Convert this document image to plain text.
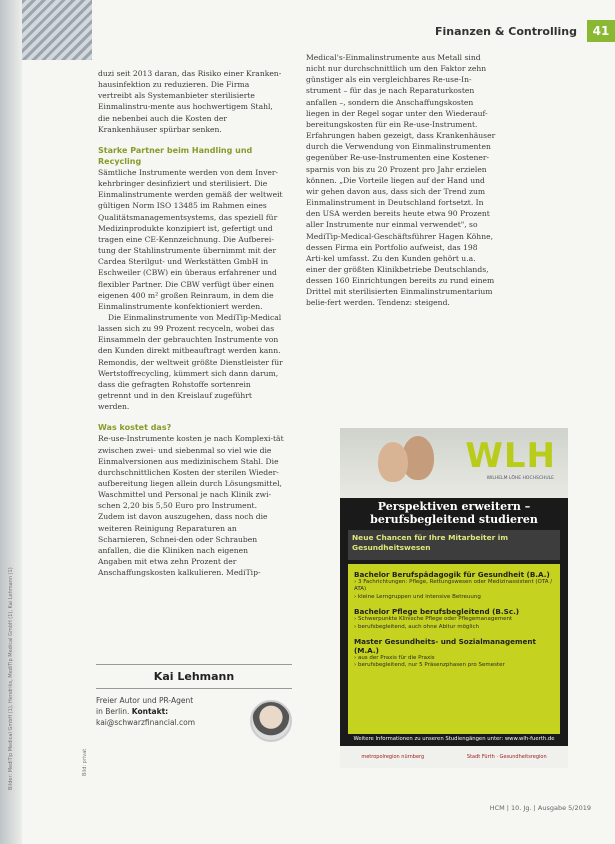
Finanzen & Controlling	41

duzi seit 2013 daran, das Risiko einer Kranken-hausinfektion zu reduzieren. Die Firma vertreibt als Systemanbieter sterilisierte Einmalinstru-mente aus hochwertigem Stahl, die nebenbei auch die Kosten der Krankenhäuser spürbar senken.

Starke Partner beim Handling und Recycling

Sämtliche Instrumente werden von dem Inver-kehrbringer desinfiziert und sterilisiert. Die Einmalinstrumente werden gemäß der weltweit gültigen Norm ISO 13485 im Rahmen eines Qualitätsmanagementsystems, das speziell für Medizinprodukte konzipiert ist, gefertigt und tragen eine CE-Kennzeichnung. Die Aufberei-tung der Stahlinstrumente übernimmt mit der Cardea Sterilgut- und Werkstätten GmbH in Eschweiler (CBW) ein überaus erfahrener und flexibler Partner. Die CBW verfügt über einen eigenen 400 m² großen Reinraum, in dem die Einmalinstrumente konfektioniert werden.

Die Einmalinstrumente von MediTip-Medical lassen sich zu 99 Prozent recyceln, wobei das Einsammeln der gebrauchten Instrumente von den Kunden direkt mitbeauftragt werden kann. Remondis, der weltweit größte Dienstleister für Wertstoffrecycling, kümmert sich dann darum, dass die gefragten Rohstoffe sortenrein getrennt und in den Kreislauf zugeführt werden.

Was kostet das?

Re-use-Instrumente kosten je nach Komplexi-tät zwischen zwei- und siebenmal so viel wie die Einmalversionen aus medizinischem Stahl. Die durchschnittlichen Kosten der sterilen Wieder-aufbereitung liegen allein durch Lösungsmittel, Waschmittel und Personal je nach Klinik zwi-schen 2,20 bis 5,50 Euro pro Instrument. Zudem ist davon auszugehen, dass noch die weiteren Reinigung Reparaturen an Scharnieren, Schnei-den oder Schrauben anfallen, die die Kliniken nach eigenen Angaben mit etwa zehn Prozent der Anschaffungskosten kalkulieren. MediTip-

Medical's-Einmalinstrumente aus Metall sind nicht nur durchschnittlich um den Faktor zehn günstiger als ein vergleichbares Re-use-In-strument – für das je nach Reparaturkosten anfallen –, sondern die Anschaffungskosten liegen in der Regel sogar unter den Wiederauf-bereitungskosten für ein Re-use-Instrument. Erfahrungen haben gezeigt, dass Krankenhäuser durch die Verwendung von Einmalinstrumenten gegenüber Re-use-Instrumenten eine Kostener-sparnis von bis zu 20 Prozent pro Jahr erzielen können. „Die Vorteile liegen auf der Hand und wir gehen davon aus, dass sich der Trend zum Einmalinstrument in Deutschland fortsetzt. In den USA werden bereits heute etwa 90 Prozent aller Instrumente nur einmal verwendet", so MediTip-Medical-Geschäftsführer Hagen Köhne, dessen Firma ein Portfolio aufweist, das 198 Arti-kel umfasst. Zu den Kunden gehört u.a. einer der größten Klinikbetriebe Deutschlands, dessen 160 Einrichtungen bereits zu rund einem Drittel mit sterilisierten Einmalinstrumentarium belie-fert werden. Tendenz: steigend.

Kai Lehmann
Freier Autor und PR-Agent
in Berlin. Kontakt:
kai@schwarzfinancial.com
Bild: privat
WLH
WILHELM LÖHE HOCHSCHULE
Perspektiven erweitern – berufsbegleitend studieren
Neue Chancen für Ihre Mitarbeiter im Gesundheitswesen
Bachelor Berufspädagogik für Gesundheit (B.A.)
› 3 Fachrichtungen: Pflege, Rettungswesen oder Medizinassistent (OTA / ATA)
› kleine Lerngruppen und intensive Betreuung
Bachelor Pflege berufsbegleitend (B.Sc.)
› Schwerpunkte Klinische Pflege oder Pflegemanagement
› berufsbegleitend, auch ohne Abitur möglich
Master Gesundheits- und Sozialmanagement (M.A.)
› aus der Praxis für die Praxis
› berufsbegleitend, nur 5 Präsenzphasen pro Semester
Weitere Informationen zu unseren Studiengängen unter: www.wlh-fuerth.de
metropolregion nürnberg	Stadt Fürth · Gesundheitsregion
HCM | 10. Jg. | Ausgabe 5/2019
Bilder: MediTip Medical GmbH (1), Hendriks, MediTip Medical GmbH (1), Kai Lehmann (1)
